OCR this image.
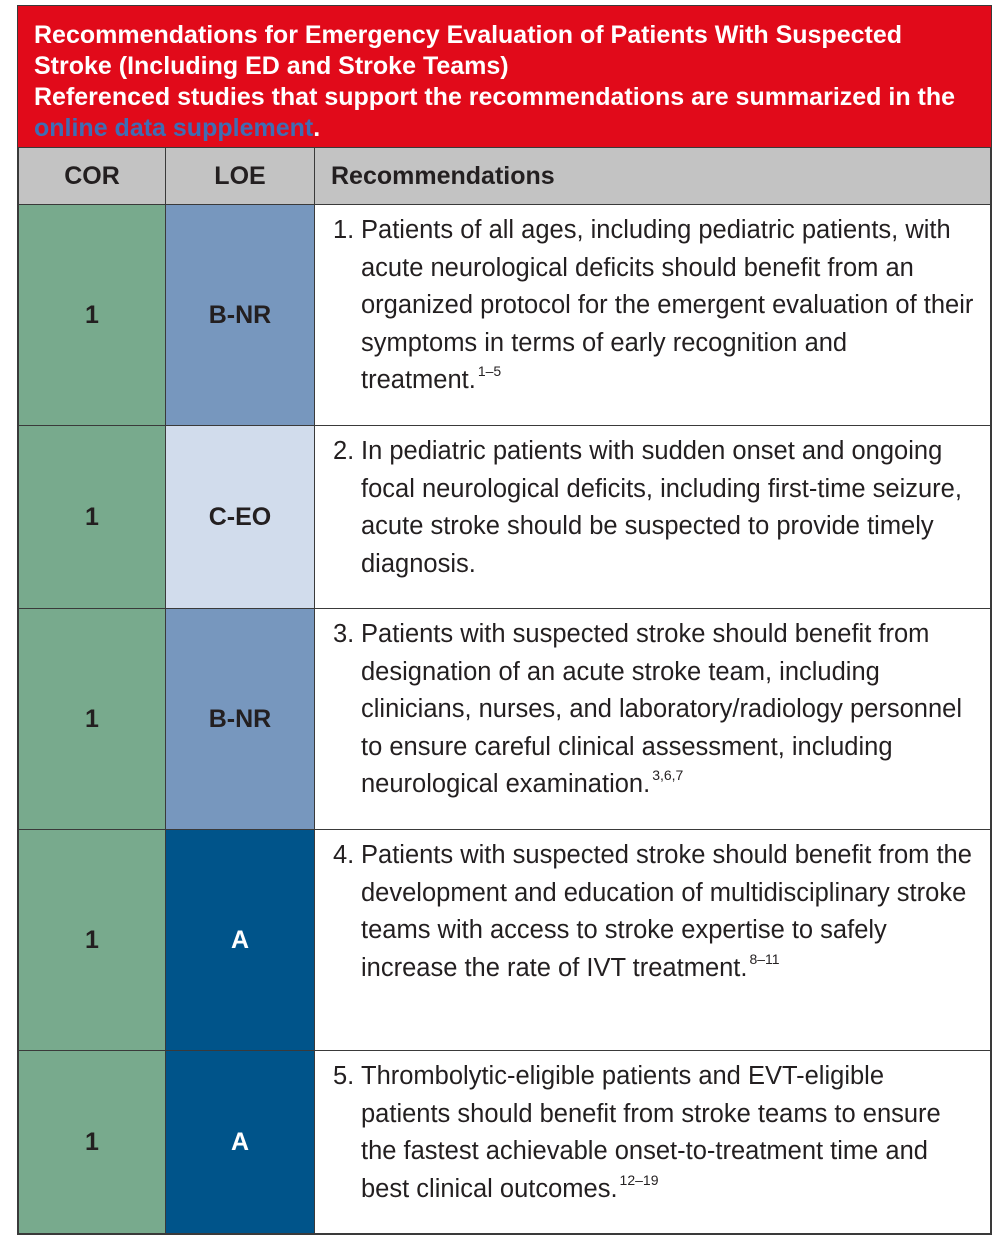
Recommendations for Emergency Evaluation of Patients With Suspected Stroke (Including ED and Stroke Teams)
Referenced studies that support the recommendations are summarized in the online data supplement.
COR	LOE	Recommendations
1	B-NR	1. Patients of all ages, including pediatric patients, with acute neurological deficits should benefit from an organized protocol for the emergent evaluation of their symptoms in terms of early recognition and treatment. $^{1-5}$

1	C-EO	2. In pediatric patients with sudden onset and ongoing focal neurological deficits, including first-time seizure, acute stroke should be suspected to provide timely diagnosis.

1	B-NR	3. Patients with suspected stroke should benefit from designation of an acute stroke team, including clinicians, nurses, and laboratory/radiology personnel to ensure careful clinical assessment, including neurological examination. $^{3,6,7}$

1	A	4. Patients with suspected stroke should benefit from the development and education of multidisciplinary stroke teams with access to stroke expertise to safely increase the rate of IVT treatment. $^{8-11}$

1	A	5. Thrombolytic-eligible patients and EVT-eligible patients should benefit from stroke teams to ensure the fastest achievable onset-to-treatment time and best clinical outcomes. $^{12-19}$
